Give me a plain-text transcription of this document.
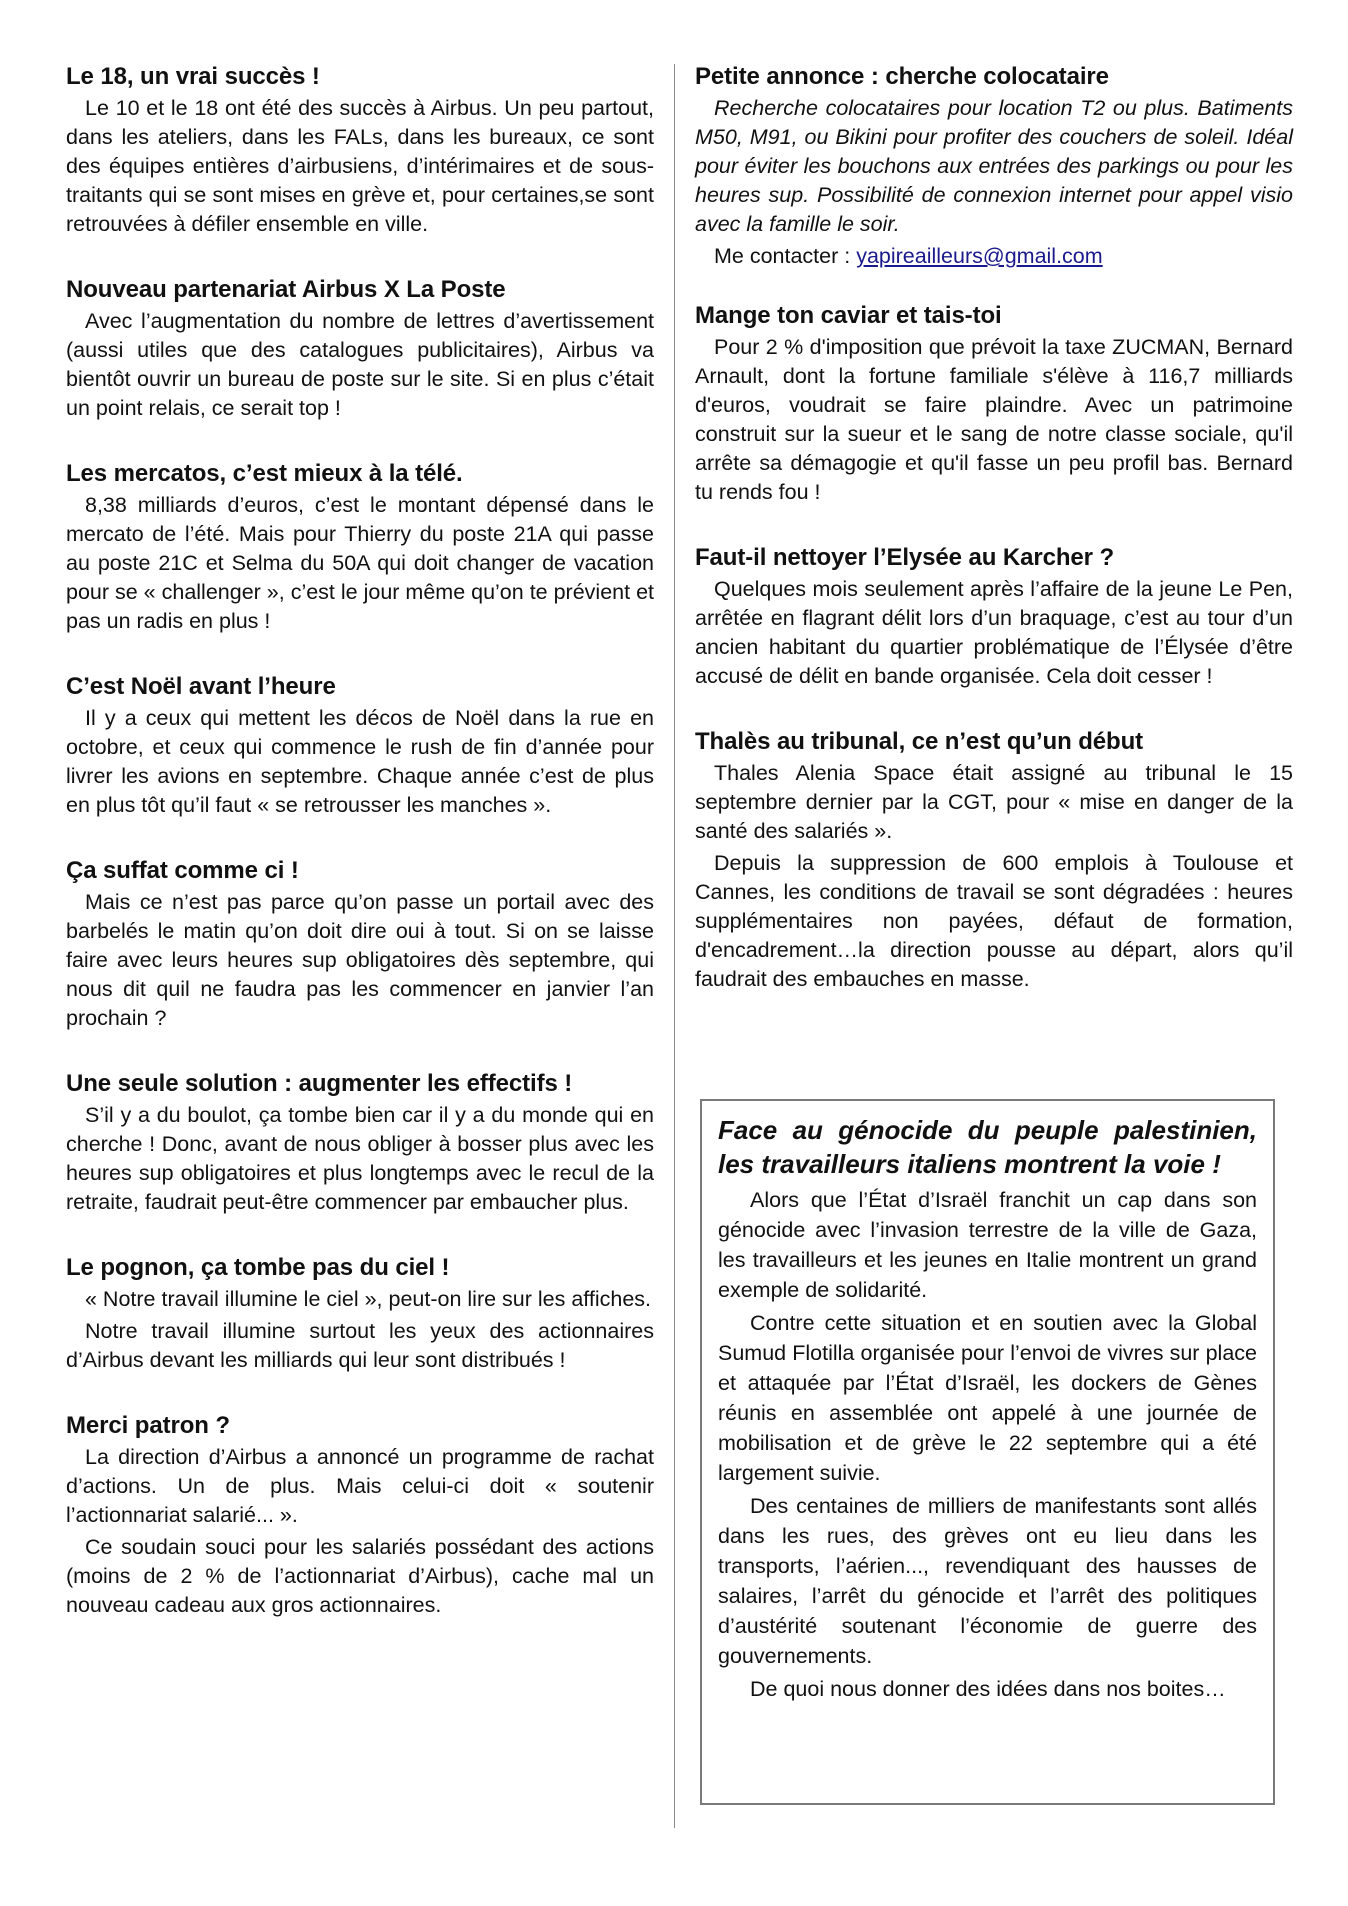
Le 18, un vrai succès !

Le 10 et le 18 ont été des succès à Airbus. Un peu partout, dans les ateliers, dans les FALs, dans les bureaux, ce sont des équipes entières d’airbusiens, d’intérimaires et de sous-traitants qui se sont mises en grève et, pour certaines,se sont retrouvées à défiler ensemble en ville.

Nouveau partenariat Airbus X La Poste

Avec l’augmentation du nombre de lettres d’avertissement (aussi utiles que des catalogues publicitaires), Airbus va bientôt ouvrir un bureau de poste sur le site. Si en plus c’était un point relais, ce serait top !

Les mercatos, c’est mieux à la télé.

8,38 milliards d’euros, c’est le montant dépensé dans le mercato de l’été. Mais pour Thierry du poste 21A qui passe au poste 21C et Selma du 50A qui doit changer de vacation pour se « challenger », c’est le jour même qu’on te prévient et pas un radis en plus !

C’est Noël avant l’heure

Il y a ceux qui mettent les décos de Noël dans la rue en octobre, et ceux qui commence le rush de fin d’année pour livrer les avions en septembre. Chaque année c’est de plus en plus tôt qu’il faut « se retrousser les manches ».

Ça suffat comme ci !

Mais ce n’est pas parce qu’on passe un portail avec des barbelés le matin qu’on doit dire oui à tout. Si on se laisse faire avec leurs heures sup obligatoires dès septembre, qui nous dit quil ne faudra pas les commencer en janvier l’an prochain ?

Une seule solution : augmenter les effectifs !

S’il y a du boulot, ça tombe bien car il y a du monde qui en cherche ! Donc, avant de nous obliger à bosser plus avec les heures sup obligatoires et plus longtemps avec le recul de la retraite, faudrait peut-être commencer par embaucher plus.

Le pognon, ça tombe pas du ciel !

« Notre travail illumine le ciel », peut-on lire sur les affiches.

Notre travail illumine surtout les yeux des actionnaires d’Airbus devant les milliards qui leur sont distribués !

Merci patron ?

La direction d’Airbus a annoncé un programme de rachat d’actions. Un de plus. Mais celui-ci doit « soutenir l’actionnariat salarié... ».

Ce soudain souci pour les salariés possédant des actions (moins de 2 % de l’actionnariat d’Airbus), cache mal un nouveau cadeau aux gros actionnaires.

Petite annonce : cherche colocataire

Recherche colocataires pour location T2 ou plus. Batiments M50, M91, ou Bikini pour profiter des couchers de soleil. Idéal pour éviter les bouchons aux entrées des parkings ou pour les heures sup. Possibilité de connexion internet pour appel visio avec la famille le soir.

Me contacter : yapireailleurs@gmail.com

Mange ton caviar et tais-toi

Pour 2 % d'imposition que prévoit la taxe ZUCMAN, Bernard Arnault, dont la fortune familiale s'élève à 116,7 milliards d'euros, voudrait se faire plaindre. Avec un patrimoine construit sur la sueur et le sang de notre classe sociale, qu'il arrête sa démagogie et qu'il fasse un peu profil bas. Bernard tu rends fou !

Faut-il nettoyer l’Elysée au Karcher ?

Quelques mois seulement après l’affaire de la jeune Le Pen, arrêtée en flagrant délit lors d’un braquage, c’est au tour d’un ancien habitant du quartier problématique de l’Élysée d’être accusé de délit en bande organisée. Cela doit cesser !

Thalès au tribunal, ce n’est qu’un début

Thales Alenia Space était assigné au tribunal le 15 septembre dernier par la CGT, pour « mise en danger de la santé des salariés ».

Depuis la suppression de 600 emplois à Toulouse et Cannes, les conditions de travail se sont dégradées : heures supplémentaires non payées, défaut de formation, d'encadrement…la direction pousse au départ, alors qu’il faudrait des embauches en masse.

Face au génocide du peuple palestinien, les travailleurs italiens montrent la voie !

Alors que l’État d’Israël franchit un cap dans son génocide avec l’invasion terrestre de la ville de Gaza, les travailleurs et les jeunes en Italie montrent un grand exemple de solidarité.

Contre cette situation et en soutien avec la Global Sumud Flotilla organisée pour l’envoi de vivres sur place et attaquée par l’État d’Israël, les dockers de Gènes réunis en assemblée ont appelé à une journée de mobilisation et de grève le 22 septembre qui a été largement suivie.

Des centaines de milliers de manifestants sont allés dans les rues, des grèves ont eu lieu dans les transports, l’aérien..., revendiquant des hausses de salaires, l’arrêt du génocide et l’arrêt des politiques d’austérité soutenant l’économie de guerre des gouvernements.

De quoi nous donner des idées dans nos boites…
